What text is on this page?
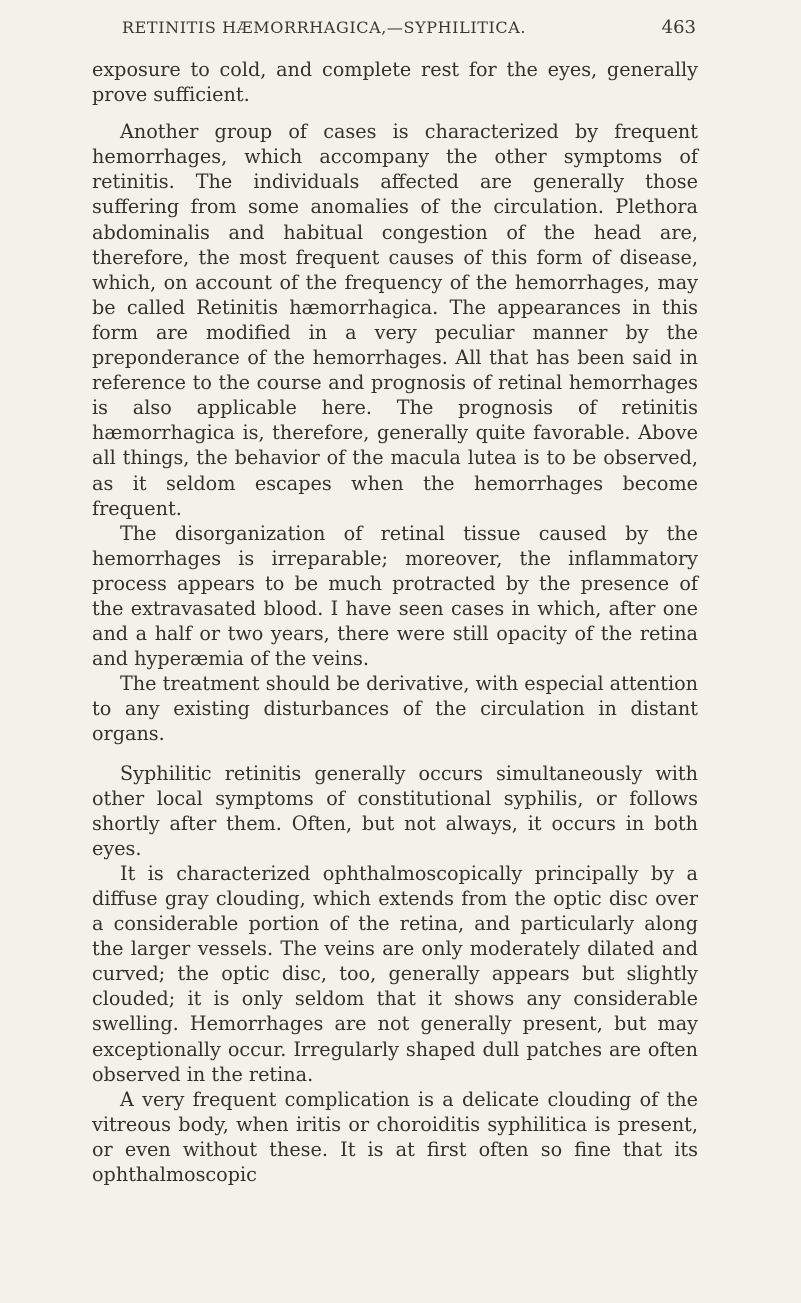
RETINITIS HÆMORRHAGICA,—SYPHILITICA.	463

exposure to cold, and complete rest for the eyes, generally prove sufficient.

Another group of cases is characterized by frequent hemorrhages, which accompany the other symptoms of retinitis. The individuals affected are generally those suffering from some anomalies of the circulation. Plethora abdominalis and habitual congestion of the head are, therefore, the most frequent causes of this form of disease, which, on account of the frequency of the hemorrhages, may be called Retinitis hæmorrhagica. The appearances in this form are modified in a very peculiar manner by the preponderance of the hemorrhages. All that has been said in reference to the course and prognosis of retinal hemorrhages is also applicable here. The prognosis of retinitis hæmorrhagica is, therefore, generally quite favorable. Above all things, the behavior of the macula lutea is to be observed, as it seldom escapes when the hemorrhages become frequent.

The disorganization of retinal tissue caused by the hemorrhages is irreparable; moreover, the inflammatory process appears to be much protracted by the presence of the extravasated blood. I have seen cases in which, after one and a half or two years, there were still opacity of the retina and hyperæmia of the veins.

The treatment should be derivative, with especial attention to any existing disturbances of the circulation in distant organs.

Syphilitic retinitis generally occurs simultaneously with other local symptoms of constitutional syphilis, or follows shortly after them. Often, but not always, it occurs in both eyes.

It is characterized ophthalmoscopically principally by a diffuse gray clouding, which extends from the optic disc over a considerable portion of the retina, and particularly along the larger vessels. The veins are only moderately dilated and curved; the optic disc, too, generally appears but slightly clouded; it is only seldom that it shows any considerable swelling. Hemorrhages are not generally present, but may exceptionally occur. Irregularly shaped dull patches are often observed in the retina.

A very frequent complication is a delicate clouding of the vitreous body, when iritis or choroiditis syphilitica is present, or even without these. It is at first often so fine that its ophthalmoscopic
